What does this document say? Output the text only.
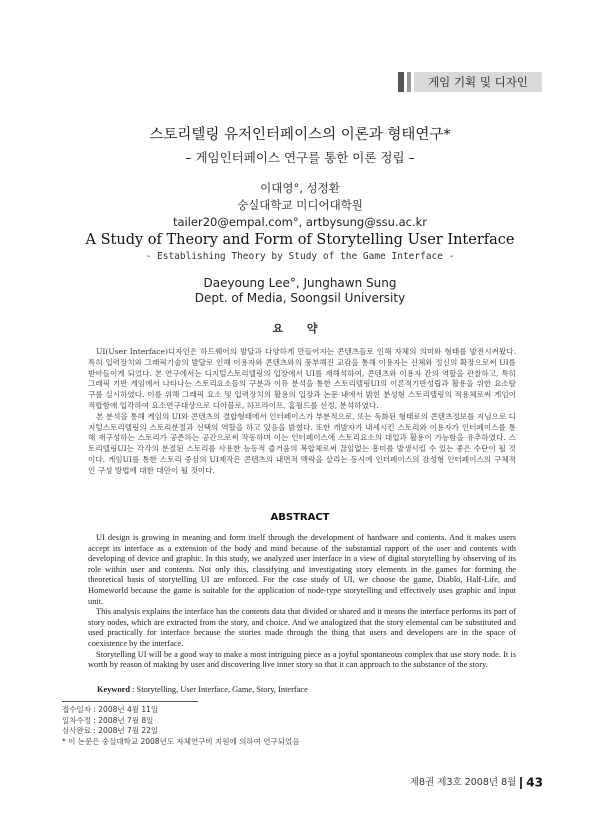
게임 기획 및 디자인
스토리텔링 유저인터페이스의 이론과 형태연구*
– 게임인터페이스 연구를 통한 이론 정립 –
이대영°, 성정환
숭실대학교 미디어대학원
tailer20@empal.com°, artbysung@ssu.ac.kr
A Study of Theory and Form of Storytelling User Interface
- Establishing Theory by Study of the Game Interface -
Daeyoung Lee°, Junghawn Sung
Dept. of Media, Soongsil University
요 약

UI(User Interface)디자인은 하드웨어의 발달과 다양하게 만들어지는 콘텐츠들로 인해 자체의 의미와 형태를 발전시켜왔다. 특히 입력장치와 그래픽기술의 발달로 인해 이용자와 콘텐츠와의 풍부해진 교감을 통해 이용자는 신체와 정신의 확장으로써 UI를 받아들이게 되었다. 본 연구에서는 디지털스토리텔링의 입장에서 UI를 재해석하여, 콘텐츠와 이용자 간의 역할을 관찰하고, 특히 그래픽 기반 게임에서 나타나는 스토리요소들의 구분과 이유 분석을 통한 스토리텔링UI의 이론적기반성립과 활용을 위한 요소탐구를 실시하였다. 이를 위해 그래픽 요소 및 입력장치의 활용의 입장과 논문 내에서 밝힌 분성형 스토리텔링의 적용체로써 게임이 적합함에 입각하여 요소연구대상으로 디아블로, 하프라이프, 홈월드를 선정, 분석하였다.

본 분석을 통해 게임의 UI와 콘텐츠의 결합형태에서 인터페이스가 부분적으로, 또는 독화된 형태로의 콘텐츠정보를 지님으로 디지털스토리텔링의 스토리분절과 선택의 역할을 하고 있음을 밝혔다. 또한 개발자가 내세시킨 스토리와 이용자가 인터페이스를 통해 재구성하는 스토리가 공존하는 공간으로써 작동하며 이는 인터페이스에 스토리요소의 대입과 활용이 가능함을 유추하였다. 스토리텔링UI는 각각의 분절된 스토리를 사용한 능동적 즐거움의 복합체로써 끊임없는 흥미를 발생시킬 수 있는 좋은 수단이 될 것이다. 게임UI를 통한 스토리 중심의 UI제작은 콘텐츠의 내면적 맥락을 살리는 동시에 인터페이스의 감성형 인터페이스의 구체적인 구성 방법에 대한 대안이 될 것이다.

ABSTRACT

UI design is growing in meaning and form itself through the development of hardware and contents. And it makes users accept its interface as a extension of the body and mind because of the substantial rapport of the user and contents with developing of device and graphic. In this study, we analyzed user interface in a view of digital storytelling by observing of its role within user and contents. Not only this, classifying and investigating story elements in the games for forming the theoretical basis of storytelling UI are enforced. For the case study of UI, we choose the game, Diablo, Half-Life, and Homeworld because the game is suitable for the application of node-type storytelling and effectively uses graphic and input unit.

This analysis explains the interface has the contents data that divided or shared and it means the interface performs its part of story nodes, which are extracted from the story, and choice. And we analogized that the story elemental can be substituted and used practically for interface because the stories made through the thing that users and developers are in the space of coexistence by the interface.

Storytelling UI will be a good way to make a most intriguing piece as a joyful spontaneous complex that use story node. It is worth by reason of making by user and discovering live inner story so that it can approach to the substance of the story.

Keyword : Storytelling, User Interface, Game, Story, Interface
접수일자 : 2008년 4월 11일
일차수정 : 2008년 7월 8일
심사완료 : 2008년 7월 22일
* 이 논문은 숭실대학교 2008년도 자체연구비 지원에 의하여 연구되었음
제8권 제3호 2008년 8월 43
